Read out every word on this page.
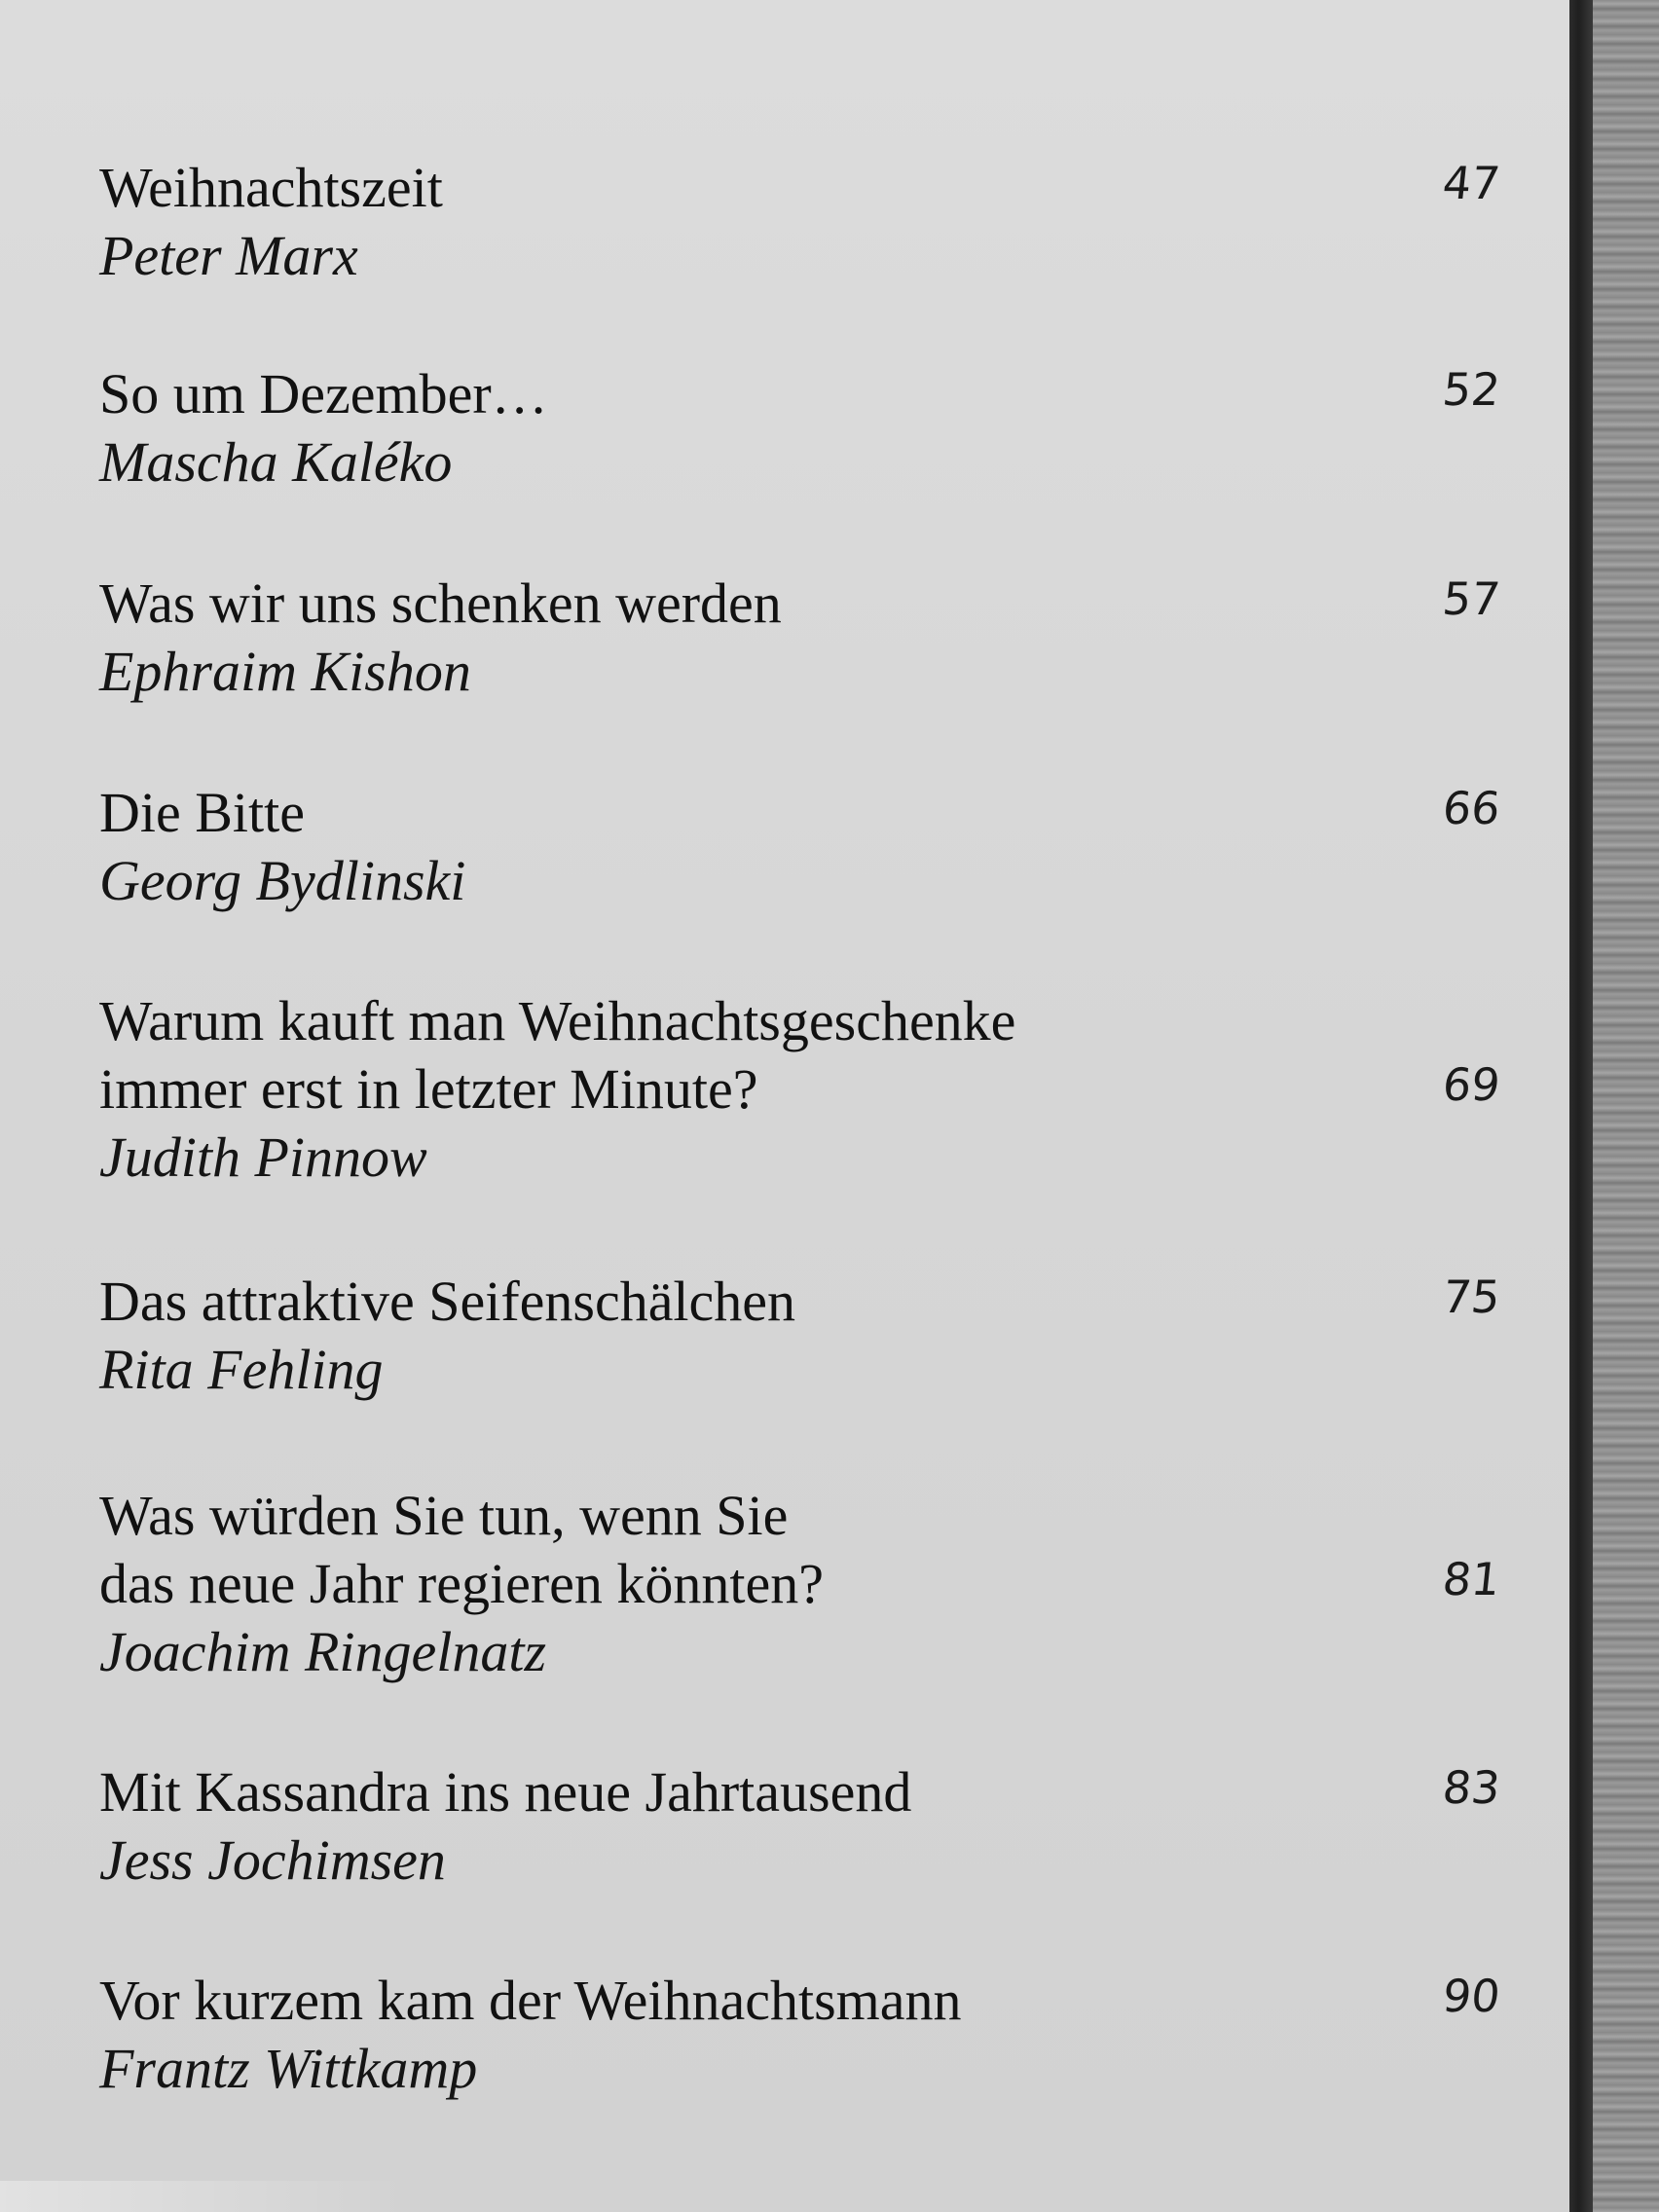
Weihnachtszeit
Peter Marx
47
So um Dezember…
Mascha Kaléko
52
Was wir uns schenken werden
Ephraim Kishon
57
Die Bitte
Georg Bydlinski
66
Warum kauft man Weihnachtsgeschenke
immer erst in letzter Minute?
Judith Pinnow
69
Das attraktive Seifenschälchen
Rita Fehling
75
Was würden Sie tun, wenn Sie
das neue Jahr regieren könnten?
Joachim Ringelnatz
81
Mit Kassandra ins neue Jahrtausend
Jess Jochimsen
83
Vor kurzem kam der Weihnachtsmann
Frantz Wittkamp
90
